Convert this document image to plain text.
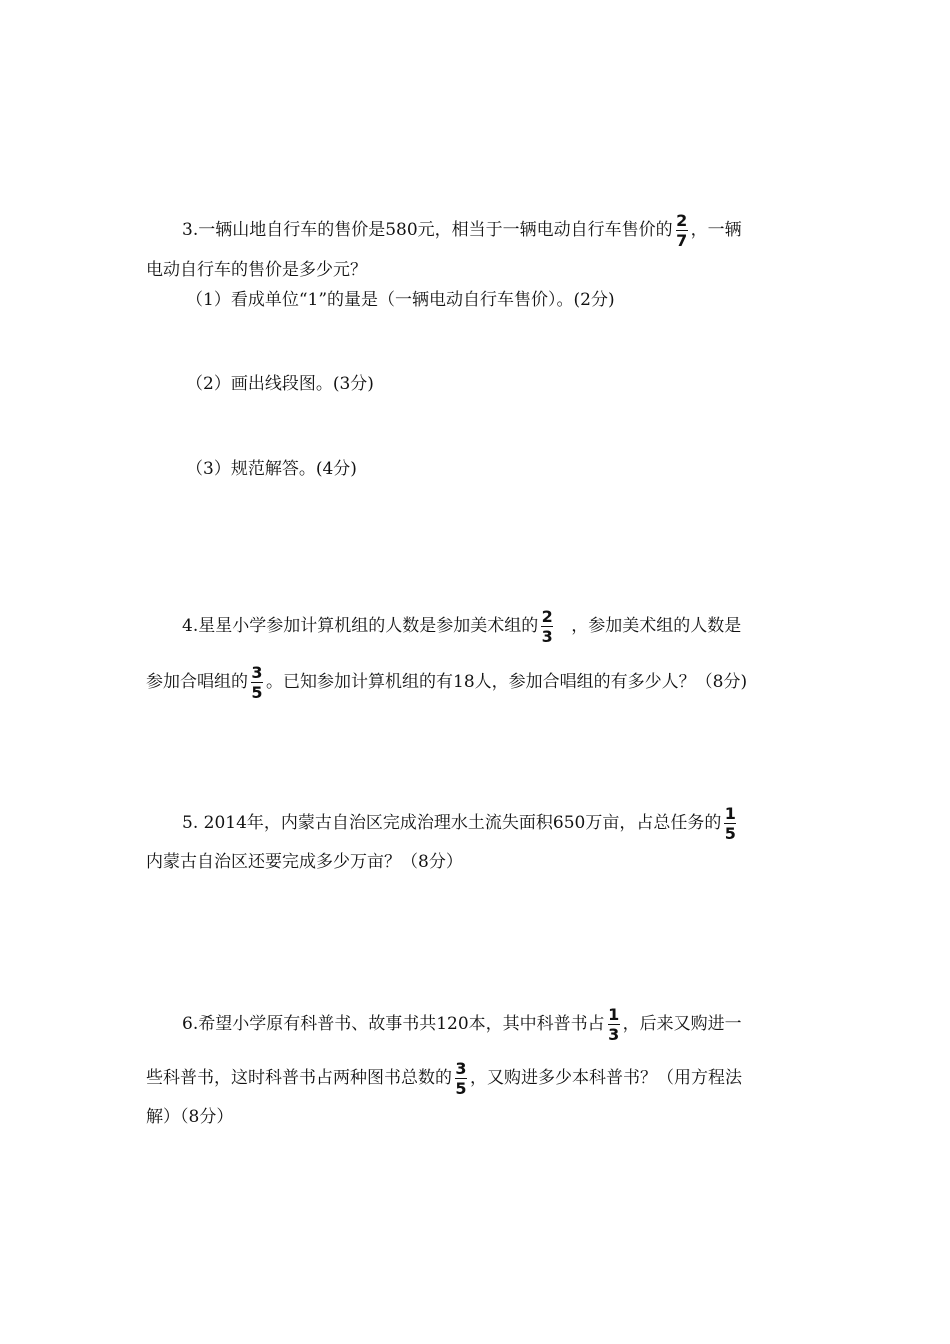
3.一辆山地自行车的售价是580元，相当于一辆电动自行车售价的 $\frac{2}{7}$ ，一辆
电动自行车的售价是多少元？
（1）看成单位“1”的量是（一辆电动自行车售价）。(2分)
（2）画出线段图。(3分)
（3）规范解答。(4分)
4.星星小学参加计算机组的人数是参加美术组的 $\frac{2}{3}$ ，参加美术组的人数是
参加合唱组的 $\frac{3}{5}$ 。已知参加计算机组的有18人，参加合唱组的有多少人？（8分)
5. 2014年，内蒙古自治区完成治理水土流失面积650万亩，占总任务的 $\frac{1}{5}$
内蒙古自治区还要完成多少万亩？（8分）
6.希望小学原有科普书、故事书共120本，其中科普书占 $\frac{1}{3}$ ，后来又购进一
些科普书，这时科普书占两种图书总数的 $\frac{3}{5}$ ，又购进多少本科普书？（用方程法
解）（8分）
